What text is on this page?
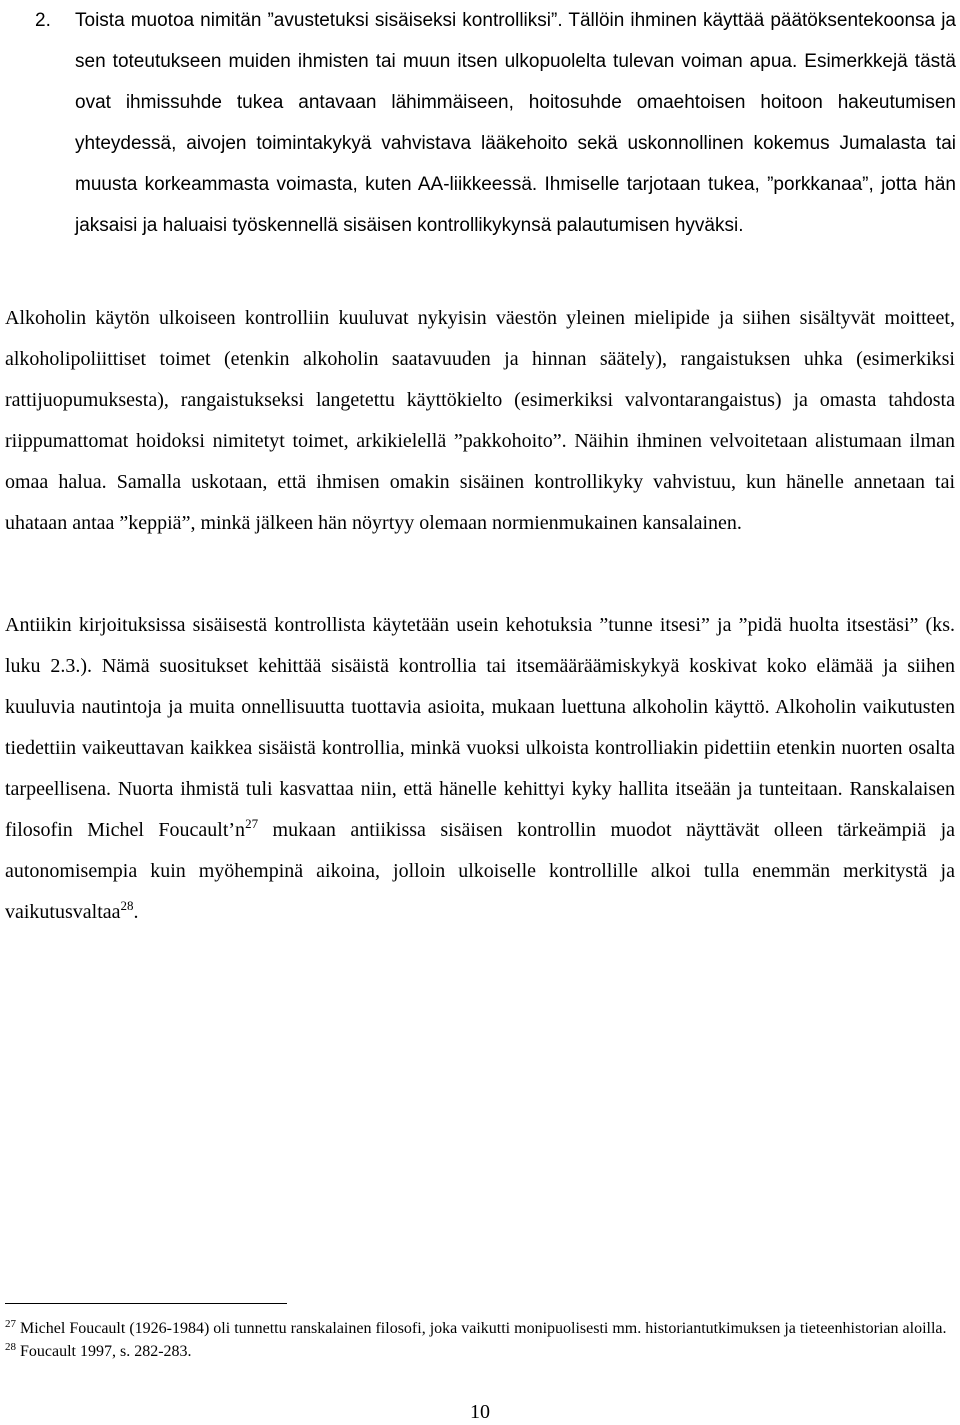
2. Toista muotoa nimitän ”avustetuksi sisäiseksi kontrolliksi”. Tällöin ihminen käyttää päätöksentekoonsa ja sen toteutukseen muiden ihmisten tai muun itsen ulkopuolelta tulevan voiman apua. Esimerkkejä tästä ovat ihmissuhde tukea antavaan lähimmäiseen, hoitosuhde omaehtoisen hoitoon hakeutumisen yhteydessä, aivojen toimintakykyä vahvistava lääkehoito sekä uskonnollinen kokemus Jumalasta tai muusta korkeammasta voimasta, kuten AA-liikkeessä. Ihmiselle tarjotaan tukea, ”porkkanaa”, jotta hän jaksaisi ja haluaisi työskennellä sisäisen kontrollikykynsä palautumisen hyväksi.

Alkoholin käytön ulkoiseen kontrolliin kuuluvat nykyisin väestön yleinen mielipide ja siihen sisältyvät moitteet, alkoholipoliittiset toimet (etenkin alkoholin saatavuuden ja hinnan säätely), rangaistuksen uhka (esimerkiksi rattijuopumuksesta), rangaistukseksi langetettu käyttökielto (esimerkiksi valvontarangaistus) ja omasta tahdosta riippumattomat hoidoksi nimitetyt toimet, arkikielellä ”pakkohoito”. Näihin ihminen velvoitetaan alistumaan ilman omaa halua. Samalla uskotaan, että ihmisen omakin sisäinen kontrollikyky vahvistuu, kun hänelle annetaan tai uhataan antaa ”keppiä”, minkä jälkeen hän nöyrtyy olemaan normienmukainen kansalainen.

Antiikin kirjoituksissa sisäisestä kontrollista käytetään usein kehotuksia ”tunne itsesi” ja ”pidä huolta itsestäsi” (ks. luku 2.3.). Nämä suositukset kehittää sisäistä kontrollia tai itsemääräämiskykyä koskivat koko elämää ja siihen kuuluvia nautintoja ja muita onnellisuutta tuottavia asioita, mukaan luettuna alkoholin käyttö. Alkoholin vaikutusten tiedettiin vaikeuttavan kaikkea sisäistä kontrollia, minkä vuoksi ulkoista kontrolliakin pidettiin etenkin nuorten osalta tarpeellisena. Nuorta ihmistä tuli kasvattaa niin, että hänelle kehittyi kyky hallita itseään ja tunteitaan. Ranskalaisen filosofin Michel $Foucault’n^{27}$ mukaan antiikissa sisäisen kontrollin muodot näyttävät olleen tärkeämpiä ja autonomisempia kuin myöhempinä aikoina, jolloin ulkoiselle kontrollille alkoi tulla enemmän merkitystä ja vaikutusvaltaa$^{28}$.

$^{27}$ Michel Foucault (1926-1984) oli tunnettu ranskalainen filosofi, joka vaikutti monipuolisesti mm. historiantutkimuksen ja tieteenhistorian aloilla.
$^{28}$ Foucault 1997, s. 282-283.
10
